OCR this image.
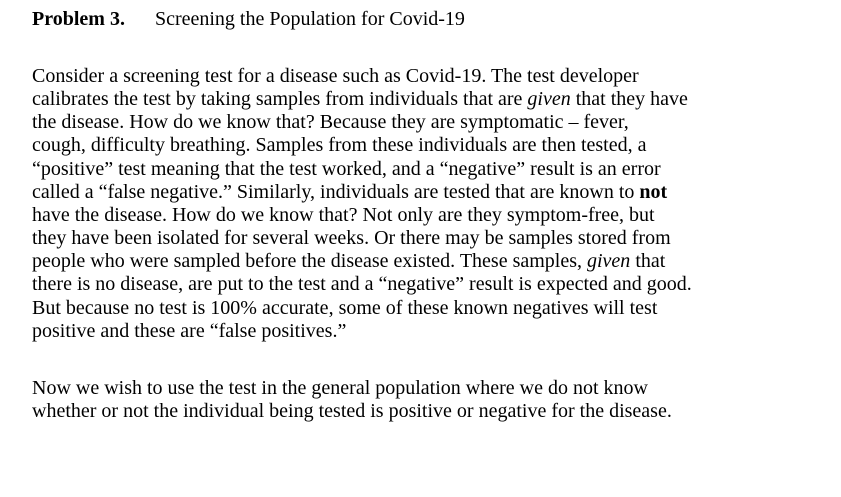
Problem 3. Screening the Population for Covid-19
Consider a screening test for a disease such as Covid-19. The test developer
calibrates the test by taking samples from individuals that are given that they have
the disease. How do we know that? Because they are symptomatic – fever,
cough, difficulty breathing. Samples from these individuals are then tested, a
“positive” test meaning that the test worked, and a “negative” result is an error
called a “false negative.” Similarly, individuals are tested that are known to not
have the disease. How do we know that? Not only are they symptom-free, but
they have been isolated for several weeks. Or there may be samples stored from
people who were sampled before the disease existed. These samples, given that
there is no disease, are put to the test and a “negative” result is expected and good.
But because no test is 100% accurate, some of these known negatives will test
positive and these are “false positives.”
Now we wish to use the test in the general population where we do not know
whether or not the individual being tested is positive or negative for the disease.
